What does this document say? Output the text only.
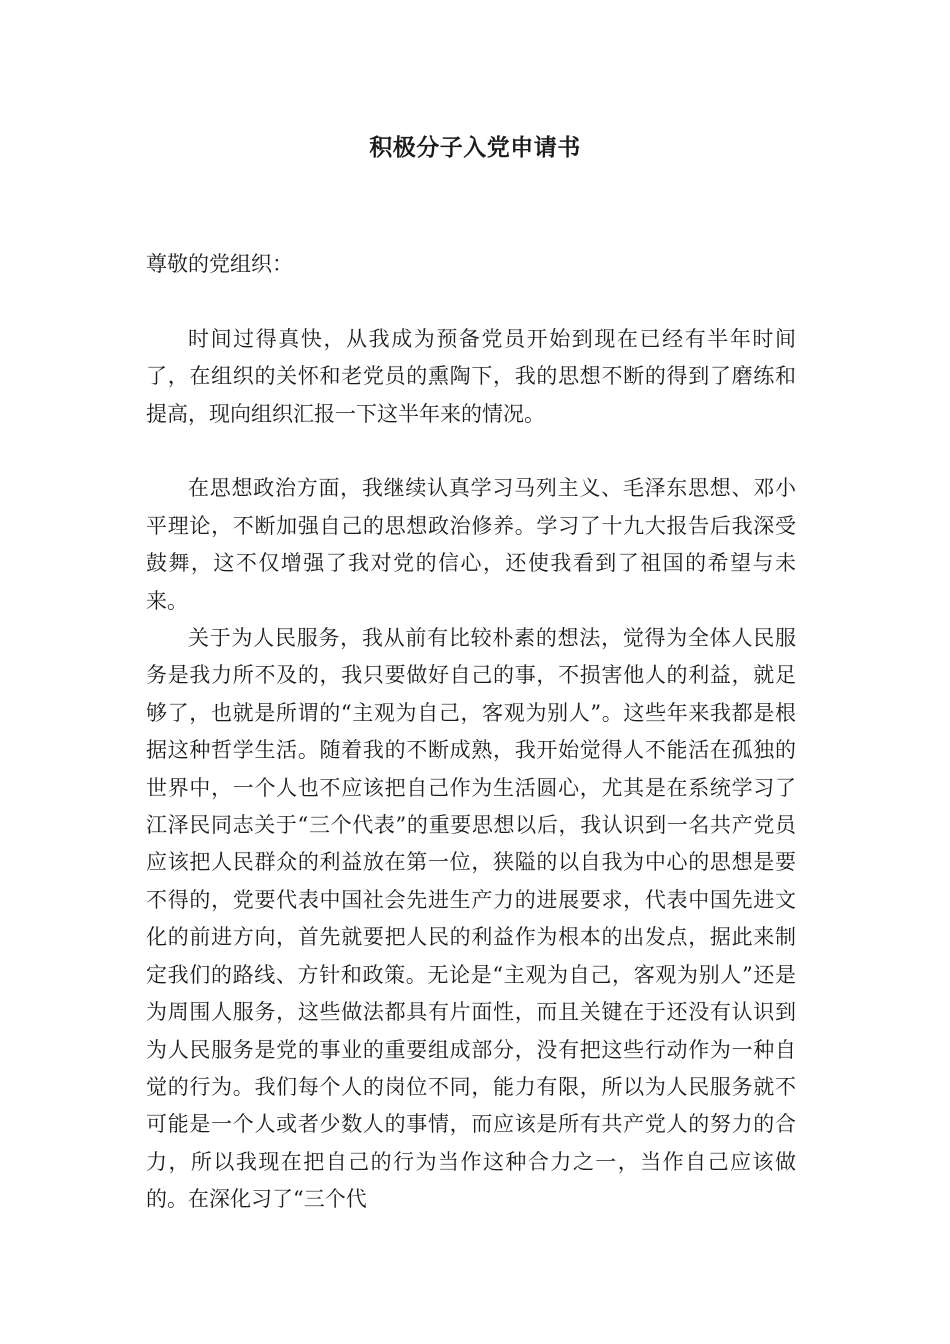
积极分子入党申请书

尊敬的党组织：

时间过得真快，从我成为预备党员开始到现在已经有半年时间了，在组织的关怀和老党员的熏陶下，我的思想不断的得到了磨练和提高，现向组织汇报一下这半年来的情况。

在思想政治方面，我继续认真学习马列主义、毛泽东思想、邓小平理论，不断加强自己的思想政治修养。学习了十九大报告后我深受鼓舞，这不仅增强了我对党的信心，还使我看到了祖国的希望与未来。

关于为人民服务，我从前有比较朴素的想法，觉得为全体人民服务是我力所不及的，我只要做好自己的事，不损害他人的利益，就足够了，也就是所谓的“主观为自己，客观为别人”。这些年来我都是根据这种哲学生活。随着我的不断成熟，我开始觉得人不能活在孤独的世界中，一个人也不应该把自己作为生活圆心，尤其是在系统学习了江泽民同志关于“三个代表”的重要思想以后，我认识到一名共产党员应该把人民群众的利益放在第一位，狭隘的以自我为中心的思想是要不得的，党要代表中国社会先进生产力的进展要求，代表中国先进文化的前进方向，首先就要把人民的利益作为根本的出发点，据此来制定我们的路线、方针和政策。无论是“主观为自己，客观为别人”还是为周围人服务，这些做法都具有片面性，而且关键在于还没有认识到为人民服务是党的事业的重要组成部分，没有把这些行动作为一种自觉的行为。我们每个人的岗位不同，能力有限，所以为人民服务就不可能是一个人或者少数人的事情，而应该是所有共产党人的努力的合力，所以我现在把自己的行为当作这种合力之一，当作自己应该做的。在深化习了“三个代
